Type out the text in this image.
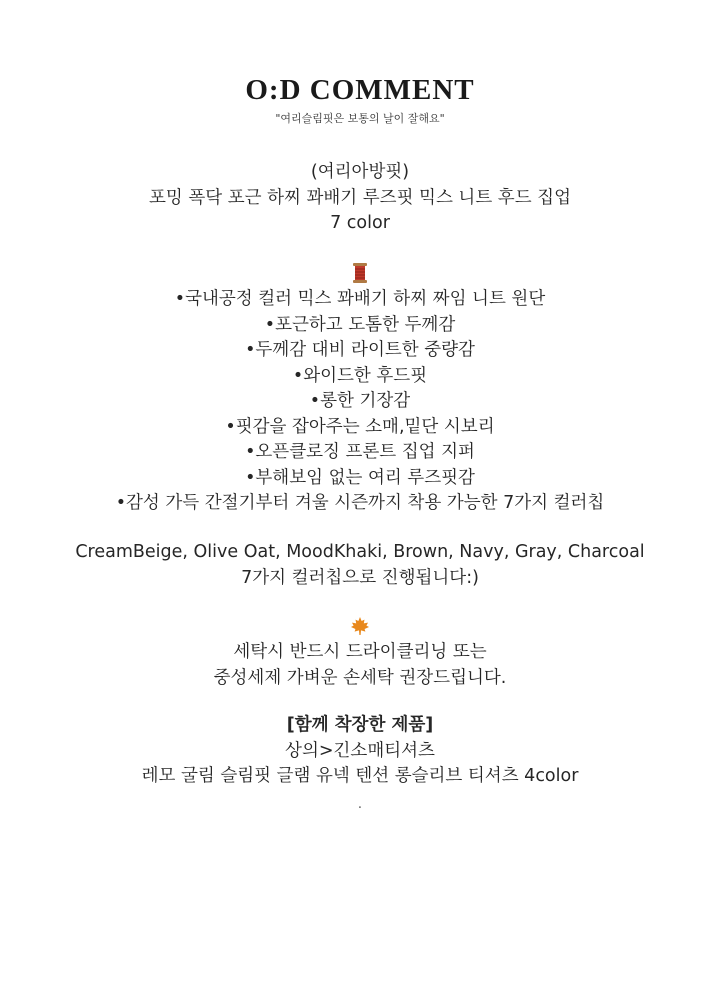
O:D COMMENT
"여리슬림핏은 보통의 날이 잘해요"
(여리아방핏)
포밍 폭닥 포근 하찌 꽈배기 루즈핏 믹스 니트 후드 집업
7 color
•국내공정 컬러 믹스 꽈배기 하찌 짜임 니트 원단
•포근하고 도톰한 두께감
•두께감 대비 라이트한 중량감
•와이드한 후드핏
•롱한 기장감
•핏감을 잡아주는 소매,밑단 시보리
•오픈클로징 프론트 집업 지퍼
•부해보임 없는 여리 루즈핏감
•감성 가득 간절기부터 겨울 시즌까지 착용 가능한 7가지 컬러칩
CreamBeige, Olive Oat, MoodKhaki, Brown, Navy, Gray, Charcoal
7가지 컬러칩으로 진행됩니다:)
세탁시 반드시 드라이클리닝 또는
중성세제 가벼운 손세탁 권장드립니다.
[함께 착장한 제품]
상의>긴소매티셔츠
레모 굴림 슬림핏 글램 유넥 텐션 롱슬리브 티셔츠 4color
.
